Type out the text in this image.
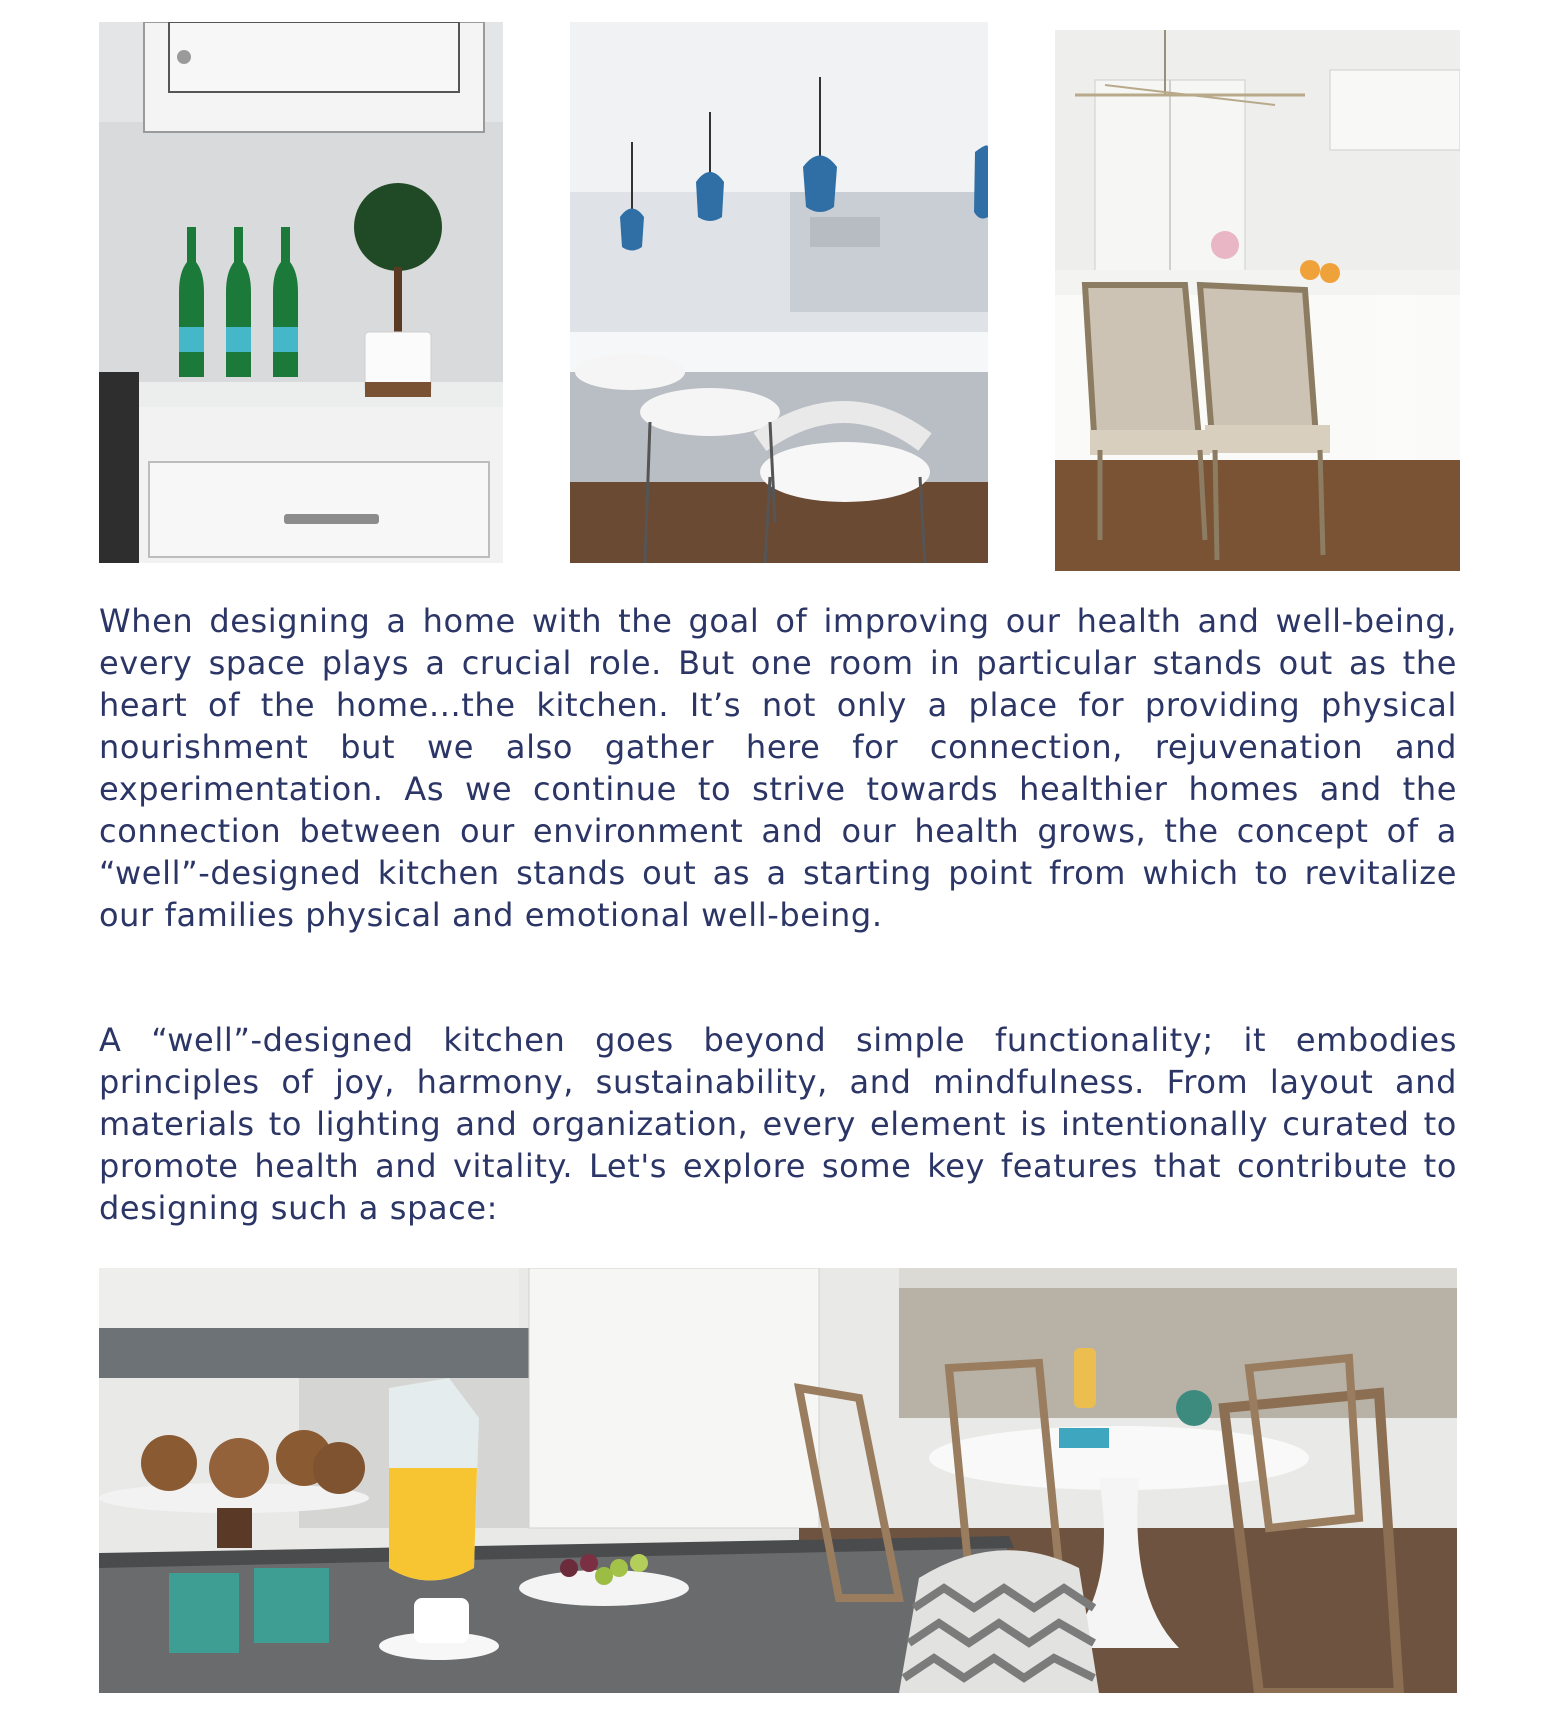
When designing a home with the goal of improving our health and well-being, every space plays a crucial role. But one room in particular stands out as the heart of the home...the kitchen. It’s not only a place for providing physical nourishment but we also gather here for connection, rejuvenation and experimentation. As we continue to strive towards healthier homes and the connection between our environment and our health grows, the concept of a “well”-designed kitchen stands out as a starting point from which to revitalize our families physical and emotional well-being.

A “well”-designed kitchen goes beyond simple functionality; it embodies principles of joy, harmony, sustainability, and mindfulness. From layout and materials to lighting and organization, every element is intentionally curated to promote health and vitality. Let's explore some key features that contribute to designing such a space:
